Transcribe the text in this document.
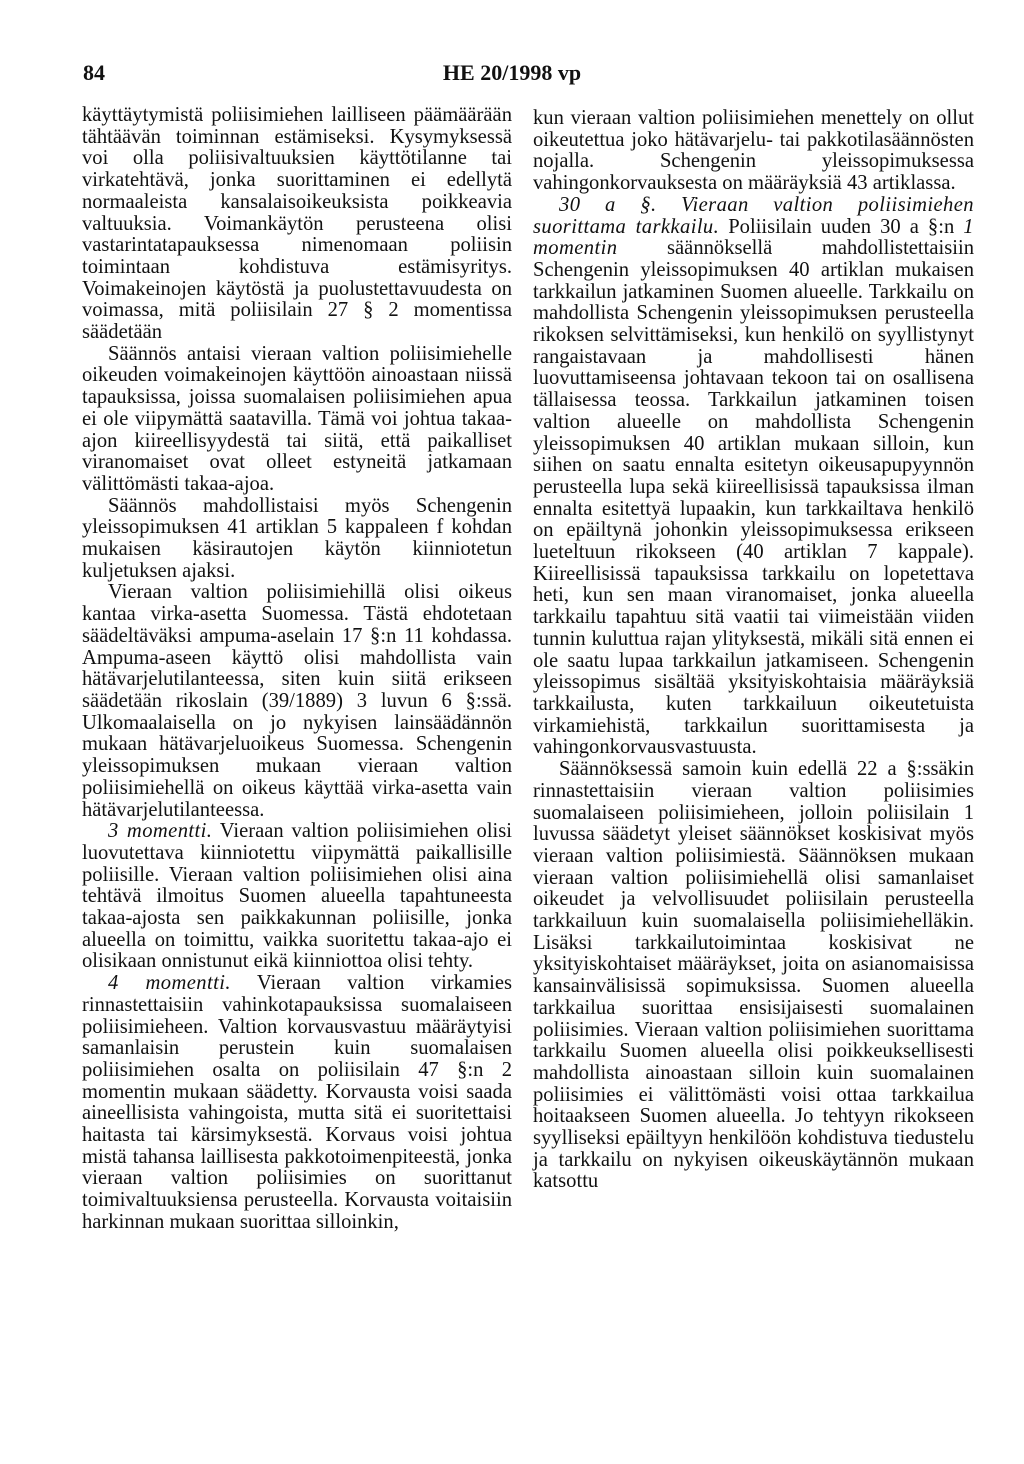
84	HE 20/1998 vp

käyttäytymistä poliisimiehen lailliseen päämäärään tähtäävän toiminnan estämiseksi. Kysymyksessä voi olla poliisivaltuuksien käyttötilanne tai virkatehtävä, jonka suorittaminen ei edellytä normaaleista kansalaisoikeuksista poikkeavia valtuuksia. Voimankäytön perusteena olisi vastarintatapauksessa nimenomaan poliisin toimintaan kohdistuva estämisyritys. Voimakeinojen käytöstä ja puolustettavuudesta on voimassa, mitä poliisilain 27 § 2 momentissa säädetään

Säännös antaisi vieraan valtion poliisimiehelle oikeuden voimakeinojen käyttöön ainoastaan niissä tapauksissa, joissa suomalaisen poliisimiehen apua ei ole viipymättä saatavilla. Tämä voi johtua takaa-ajon kiireellisyydestä tai siitä, että paikalliset viranomaiset ovat olleet estyneitä jatkamaan välittömästi takaa-ajoa.

Säännös mahdollistaisi myös Schengenin yleissopimuksen 41 artiklan 5 kappaleen f kohdan mukaisen käsirautojen käytön kiinniotetun kuljetuksen ajaksi.

Vieraan valtion poliisimiehillä olisi oikeus kantaa virka-asetta Suomessa. Tästä ehdotetaan säädeltäväksi ampuma-aselain 17 §:n 11 kohdassa. Ampuma-aseen käyttö olisi mahdollista vain hätävarjelutilanteessa, siten kuin siitä erikseen säädetään rikoslain (39/1889) 3 luvun 6 §:ssä. Ulkomaalaisella on jo nykyisen lainsäädännön mukaan hätävarjeluoikeus Suomessa. Schengenin yleissopimuksen mukaan vieraan valtion poliisimiehellä on oikeus käyttää virka-asetta vain hätävarjelutilanteessa.

3 momentti. Vieraan valtion poliisimiehen olisi luovutettava kiinniotettu viipymättä paikallisille poliisille. Vieraan valtion poliisimiehen olisi aina tehtävä ilmoitus Suomen alueella tapahtuneesta takaa-ajosta sen paikkakunnan poliisille, jonka alueella on toimittu, vaikka suoritettu takaa-ajo ei olisikaan onnistunut eikä kiinniottoa olisi tehty.

4 momentti. Vieraan valtion virkamies rinnastettaisiin vahinkotapauksissa suomalaiseen poliisimieheen. Valtion korvausvastuu määräytyisi samanlaisin perustein kuin suomalaisen poliisimiehen osalta on poliisilain 47 §:n 2 momentin mukaan säädetty. Korvausta voisi saada aineellisista vahingoista, mutta sitä ei suoritettaisi haitasta tai kärsimyksestä. Korvaus voisi johtua mistä tahansa laillisesta pakkotoimenpiteestä, jonka vieraan valtion poliisimies on suorittanut toimivaltuuksiensa perusteella. Korvausta voitaisiin harkinnan mukaan suorittaa silloinkin,

kun vieraan valtion poliisimiehen menettely on ollut oikeutettua joko hätävarjelu- tai pakkotilasäännösten nojalla. Schengenin yleissopimuksessa vahingonkorvauksesta on määräyksiä 43 artiklassa.

30 a §. Vieraan valtion poliisimiehen suorittama tarkkailu. Poliisilain uuden 30 a §:n 1 momentin säännöksellä mahdollistettaisiin Schengenin yleissopimuksen 40 artiklan mukaisen tarkkailun jatkaminen Suomen alueelle. Tarkkailu on mahdollista Schengenin yleissopimuksen perusteella rikoksen selvittämiseksi, kun henkilö on syyllistynyt rangaistavaan ja mahdollisesti hänen luovuttamiseensa johtavaan tekoon tai on osallisena tällaisessa teossa. Tarkkailun jatkaminen toisen valtion alueelle on mahdollista Schengenin yleissopimuksen 40 artiklan mukaan silloin, kun siihen on saatu ennalta esitetyn oikeusapupyynnön perusteella lupa sekä kiireellisissä tapauksissa ilman ennalta esitettyä lupaakin, kun tarkkailtava henkilö on epäiltynä johonkin yleissopimuksessa erikseen lueteltuun rikokseen (40 artiklan 7 kappale). Kiireellisissä tapauksissa tarkkailu on lopetettava heti, kun sen maan viranomaiset, jonka alueella tarkkailu tapahtuu sitä vaatii tai viimeistään viiden tunnin kuluttua rajan ylityksestä, mikäli sitä ennen ei ole saatu lupaa tarkkailun jatkamiseen. Schengenin yleissopimus sisältää yksityiskohtaisia määräyksiä tarkkailusta, kuten tarkkailuun oikeutetuista virkamiehistä, tarkkailun suorittamisesta ja vahingonkorvausvastuusta.

Säännöksessä samoin kuin edellä 22 a §:ssäkin rinnastettaisiin vieraan valtion poliisimies suomalaiseen poliisimieheen, jolloin poliisilain 1 luvussa säädetyt yleiset säännökset koskisivat myös vieraan valtion poliisimiestä. Säännöksen mukaan vieraan valtion poliisimiehellä olisi samanlaiset oikeudet ja velvollisuudet poliisilain perusteella tarkkailuun kuin suomalaisella poliisimiehelläkin. Lisäksi tarkkailutoimintaa koskisivat ne yksityiskohtaiset määräykset, joita on asianomaisissa kansainvälisissä sopimuksissa. Suomen alueella tarkkailua suorittaa ensisijaisesti suomalainen poliisimies. Vieraan valtion poliisimiehen suorittama tarkkailu Suomen alueella olisi poikkeuksellisesti mahdollista ainoastaan silloin kuin suomalainen poliisimies ei välittömästi voisi ottaa tarkkailua hoitaakseen Suomen alueella. Jo tehtyyn rikokseen syylliseksi epäiltyyn henkilöön kohdistuva tiedustelu ja tarkkailu on nykyisen oikeuskäytännön mukaan katsottu
